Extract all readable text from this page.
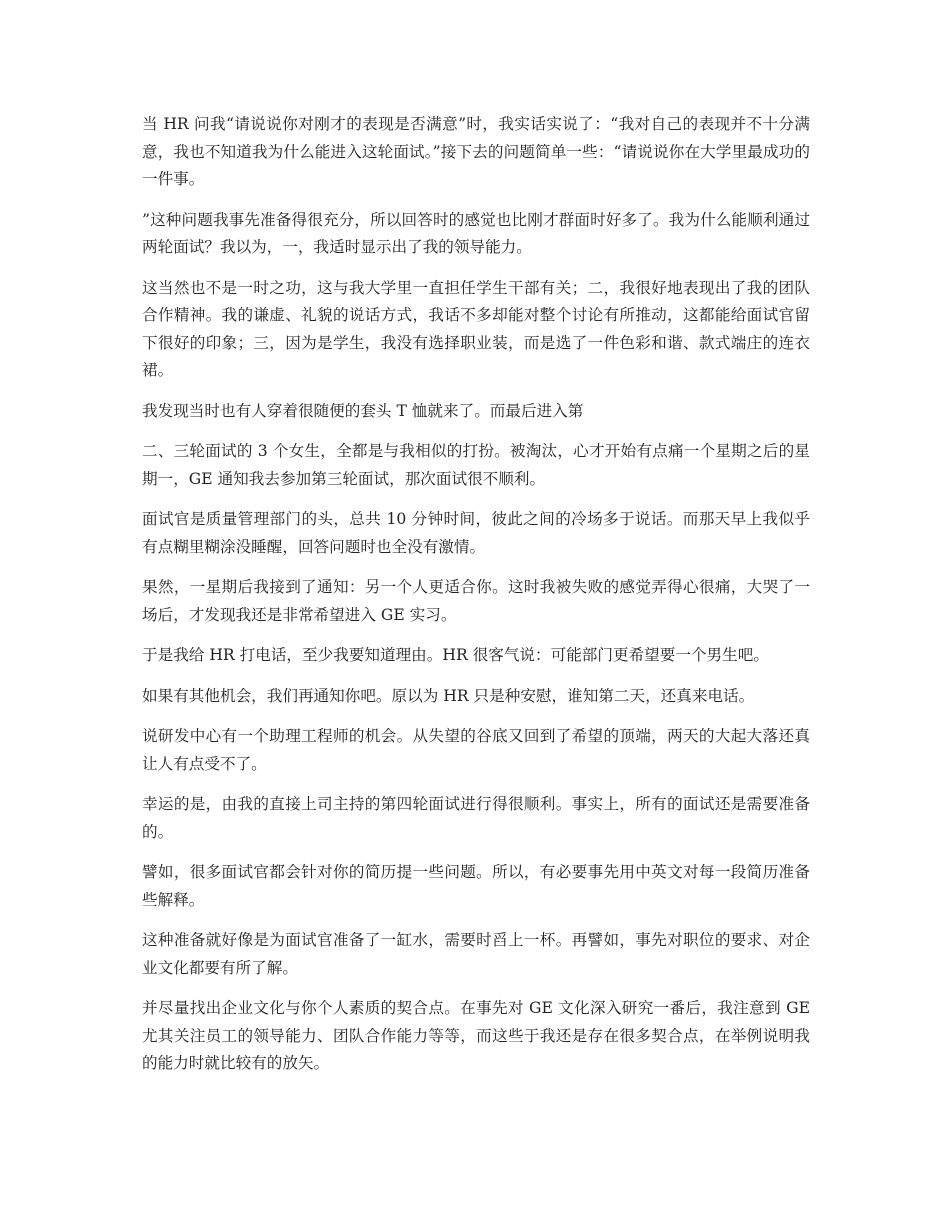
当 HR 问我“请说说你对刚才的表现是否满意”时，我实话实说了：“我对自己的表现并不十分满意，我也不知道我为什么能进入这轮面试。”接下去的问题简单一些：“请说说你在大学里最成功的一件事。

”这种问题我事先准备得很充分，所以回答时的感觉也比刚才群面时好多了。我为什么能顺利通过两轮面试？我以为，一，我适时显示出了我的领导能力。

这当然也不是一时之功，这与我大学里一直担任学生干部有关；二，我很好地表现出了我的团队合作精神。我的谦虚、礼貌的说话方式，我话不多却能对整个讨论有所推动，这都能给面试官留下很好的印象；三，因为是学生，我没有选择职业装，而是选了一件色彩和谐、款式端庄的连衣裙。

我发现当时也有人穿着很随便的套头 T 恤就来了。而最后进入第

二、三轮面试的 3 个女生，全都是与我相似的打扮。被淘汰，心才开始有点痛一个星期之后的星期一，GE 通知我去参加第三轮面试，那次面试很不顺利。

面试官是质量管理部门的头，总共 10 分钟时间，彼此之间的冷场多于说话。而那天早上我似乎有点糊里糊涂没睡醒，回答问题时也全没有激情。

果然，一星期后我接到了通知：另一个人更适合你。这时我被失败的感觉弄得心很痛，大哭了一场后，才发现我还是非常希望进入 GE 实习。

于是我给 HR 打电话，至少我要知道理由。HR 很客气说：可能部门更希望要一个男生吧。

如果有其他机会，我们再通知你吧。原以为 HR 只是种安慰，谁知第二天，还真来电话。

说研发中心有一个助理工程师的机会。从失望的谷底又回到了希望的顶端，两天的大起大落还真让人有点受不了。

幸运的是，由我的直接上司主持的第四轮面试进行得很顺利。事实上，所有的面试还是需要准备的。

譬如，很多面试官都会针对你的简历提一些问题。所以，有必要事先用中英文对每一段简历准备些解释。

这种准备就好像是为面试官准备了一缸水，需要时舀上一杯。再譬如，事先对职位的要求、对企业文化都要有所了解。

并尽量找出企业文化与你个人素质的契合点。在事先对 GE 文化深入研究一番后，我注意到 GE 尤其关注员工的领导能力、团队合作能力等等，而这些于我还是存在很多契合点，在举例说明我的能力时就比较有的放矢。
